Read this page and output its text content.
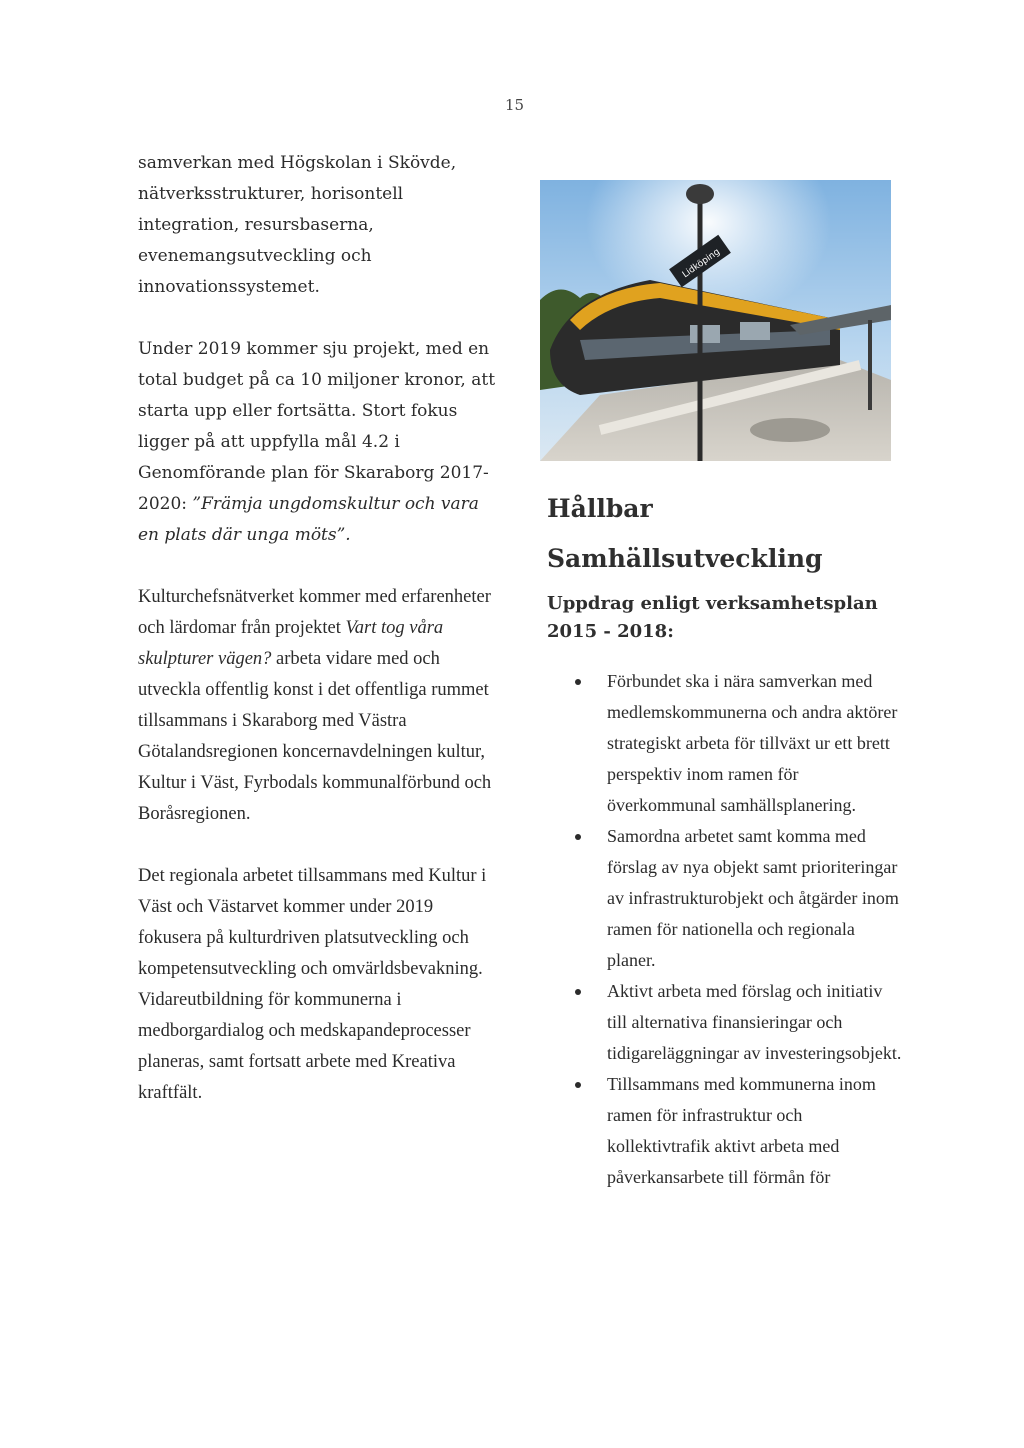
15

samverkan med Högskolan i Skövde, nätverksstrukturer, horisontell integration, resursbaserna, evenemangsutveckling och innovationssystemet.

Under 2019 kommer sju projekt, med en total budget på ca 10 miljoner kronor, att starta upp eller fortsätta. Stort fokus ligger på att uppfylla mål 4.2 i Genomförande plan för Skaraborg 2017-2020: ”Främja ungdomskultur och vara en plats där unga möts”.

Kulturchefsnätverket kommer med erfarenheter och lärdomar från projektet Vart tog våra skulpturer vägen? arbeta vidare med och utveckla offentlig konst i det offentliga rummet tillsammans i Skaraborg med Västra Götalandsregionen koncernavdelningen kultur, Kultur i Väst, Fyrbodals kommunalförbund och Boråsregionen.

Det regionala arbetet tillsammans med Kultur i Väst och Västarvet kommer under 2019 fokusera på kulturdriven platsutveckling och kompetensutveckling och omvärldsbevakning. Vidareutbildning för kommunerna i medborgardialog och medskapandeprocesser planeras, samt fortsatt arbete med Kreativa kraftfält.

Lidköping
Hållbar Samhällsutveckling
Uppdrag enligt verksamhetsplan 2015 - 2018:
Förbundet ska i nära samverkan med medlemskommunerna och andra aktörer strategiskt arbeta för tillväxt ur ett brett perspektiv inom ramen för överkommunal samhällsplanering.
Samordna arbetet samt komma med förslag av nya objekt samt prioriteringar av infrastrukturobjekt och åtgärder inom ramen för nationella och regionala planer.
Aktivt arbeta med förslag och initiativ till alternativa finansieringar och tidigareläggningar av investeringsobjekt.
Tillsammans med kommunerna inom ramen för infrastruktur och kollektivtrafik aktivt arbeta med påverkansarbete till förmån för
